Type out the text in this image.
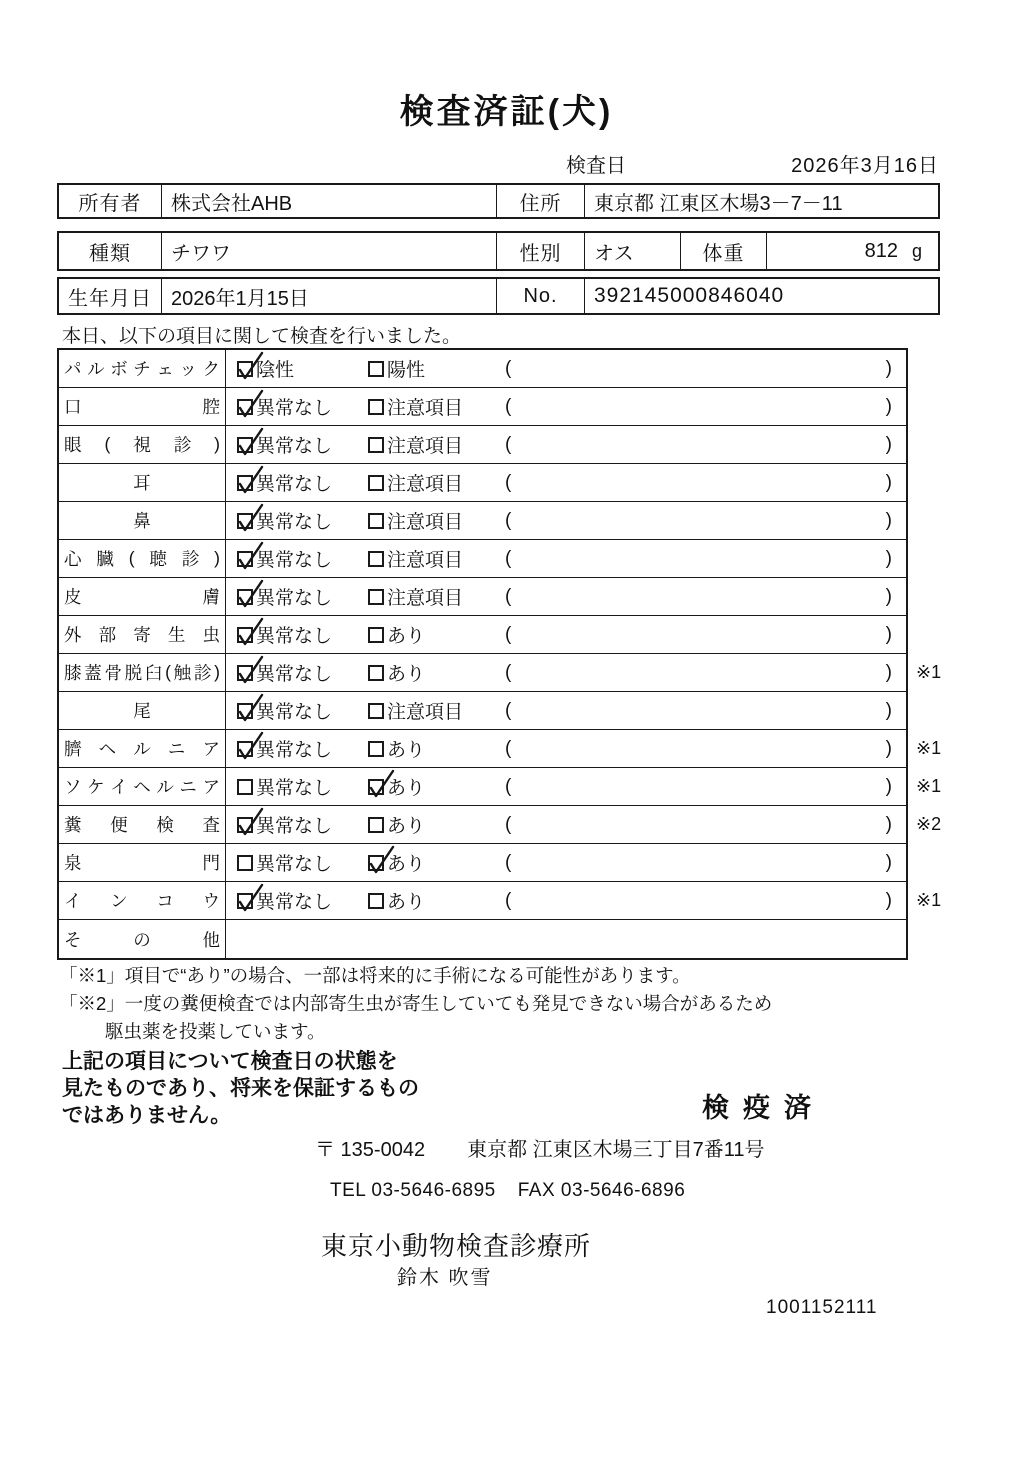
検査済証(犬)
検査日	2026年3月16日
所有者	株式会社AHB	住所	東京都 江東区木場3－7－11
種類	チワワ	性別	オス	体重	812 g
生年月日 2026年1月15日	No.	392145000846040
本日、以下の項目に関して検査を行いました。
パ ル ボ チ ェ ッ ク 陰性	陽性	(	)
口	腔 異常なし	注意項目 (	)
眼 ( 視 診 ) 異常なし	注意項目 (	)
耳	異常なし	注意項目 (	)
鼻	異常なし	注意項目 (	)
心 臓 ( 聴 診 ) 異常なし	注意項目 (	)
皮	膚 異常なし	注意項目 (	)
外 部 寄 生 虫 異常なし	あり	(	)
膝 蓋 骨 脱 臼 ( 触 診 ) 異常なし	あり	(	) ※1
尾	異常なし	注意項目 (	)
臍 ヘ ル ニ ア 異常なし	あり	(	) ※1
ソ ケ イ ヘ ル ニ ア 異常なし	あり	(	) ※1
糞 便 検 査 異常なし	あり	(	) ※2
泉	門 異常なし	あり	(	)
イ ン コ ウ 異常なし	あり	(	) ※1
そ	の	他
「※1」項目で“あり”の場合、一部は将来的に手術になる可能性があります。
「※2」一度の糞便検査では内部寄生虫が寄生していても発見できない場合があるため
駆虫薬を投薬しています。
上記の項目について検査日の状態を
見たものであり、将来を保証するもの
ではありません。	検疫済
〒 135-0042 東京都 江東区木場三丁目7番11号
TEL 03-5646-6895 FAX 03-5646-6896
東京小動物検査診療所
鈴木 吹雪
1001152111
